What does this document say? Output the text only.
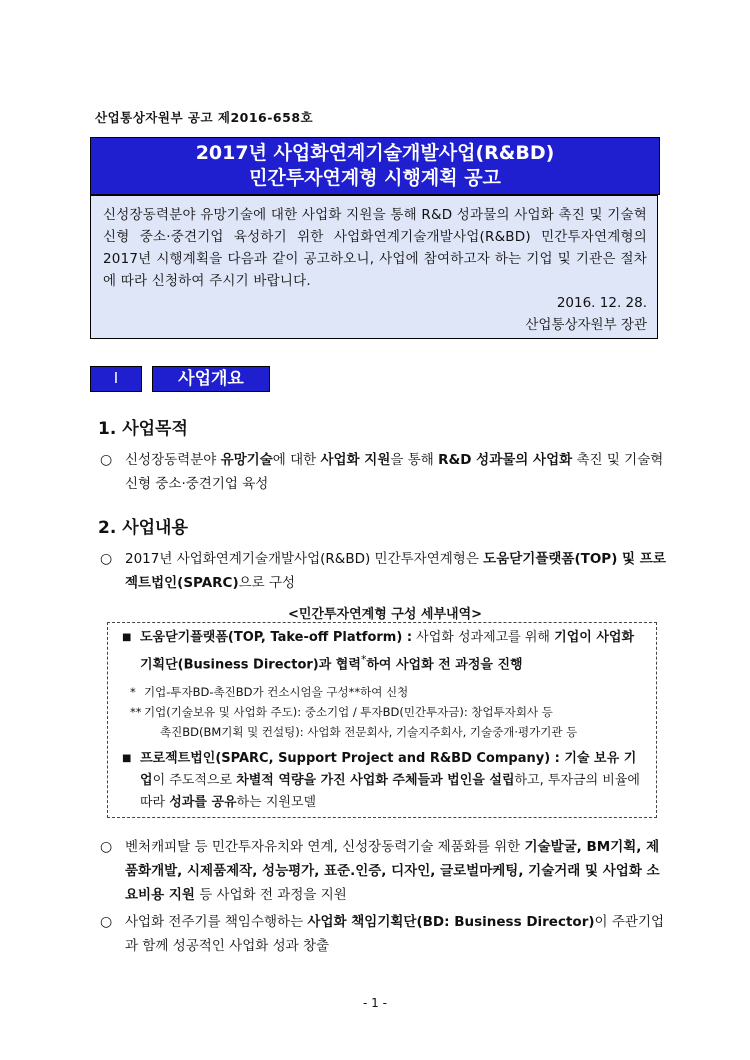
산업통상자원부 공고 제2016-658호
2017년 사업화연계기술개발사업(R&BD)
민간투자연계형 시행계획 공고
신성장동력분야 유망기술에 대한 사업화 지원을 통해 R&D 성과물의 사업화 촉진 및 기술혁신형 중소·중견기업 육성하기 위한 사업화연계기술개발사업(R&BD) 민간투자연계형의 2017년 시행계획을 다음과 같이 공고하오니, 사업에 참여하고자 하는 기업 및 기관은 절차에 따라 신청하여 주시기 바랍니다.
2016. 12. 28.
산업통상자원부 장관
Ⅰ	사업개요
1. 사업목적
○ 신성장동력분야 유망기술에 대한 사업화 지원을 통해 R&D 성과물의 사업화 촉진 및 기술혁신형 중소·중견기업 육성
2. 사업내용
○ 2017년 사업화연계기술개발사업(R&BD) 민간투자연계형은 도움닫기플랫폼(TOP) 및 프로젝트법인(SPARC)으로 구성
<민간투자연계형 구성 세부내역>
■ 도움닫기플랫폼(TOP, Take-off Platform) : 사업화 성과제고를 위해 기업이 사업화 기획단(Business Director)과 협력*하여 사업화 전 과정을 진행
* 기업-투자BD-촉진BD가 컨소시엄을 구성**하여 신청
** 기업(기술보유 및 사업화 주도): 중소기업 / 투자BD(민간투자금): 창업투자회사 등
촉진BD(BM기획 및 컨설팅): 사업화 전문회사, 기술지주회사, 기술중개·평가기관 등
■ 프로젝트법인(SPARC, Support Project and R&BD Company) : 기술 보유 기업이 주도적으로 차별적 역량을 가진 사업화 주체들과 법인을 설립하고, 투자금의 비율에 따라 성과를 공유하는 지원모델
○ 벤처캐피탈 등 민간투자유치와 연계, 신성장동력기술 제품화를 위한 기술발굴, BM기획, 제품화개발, 시제품제작, 성능평가, 표준.인증, 디자인, 글로벌마케팅, 기술거래 및 사업화 소요비용 지원 등 사업화 전 과정을 지원
○ 사업화 전주기를 책임수행하는 사업화 책임기획단(BD: Business Director)이 주관기업과 함께 성공적인 사업화 성과 창출
- 1 -
